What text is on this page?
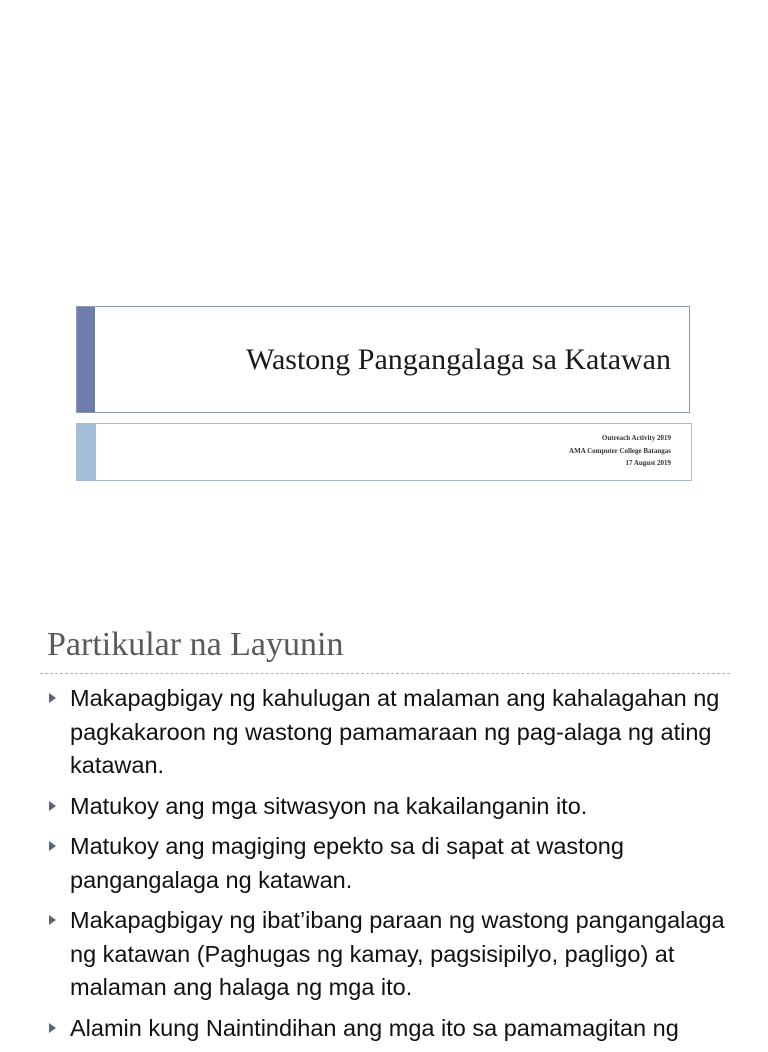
Wastong Pangangalaga sa Katawan
Outreach Activity 2019
AMA Computer College Batangas
17 August 2019
Partikular na Layunin
Makapagbigay ng kahulugan at malaman ang kahalagahan ng pagkakaroon ng wastong pamamaraan ng pag-alaga ng ating katawan.
Matukoy ang mga sitwasyon na kakailanganin ito.
Matukoy ang magiging epekto sa di sapat at wastong pangangalaga ng katawan.
Makapagbigay ng ibat’ibang paraan ng wastong pangangalaga ng katawan (Paghugas ng kamay, pagsisipilyo, pagligo) at malaman ang halaga ng mga ito.
Alamin kung Naintindihan ang mga ito sa pamamagitan ng
